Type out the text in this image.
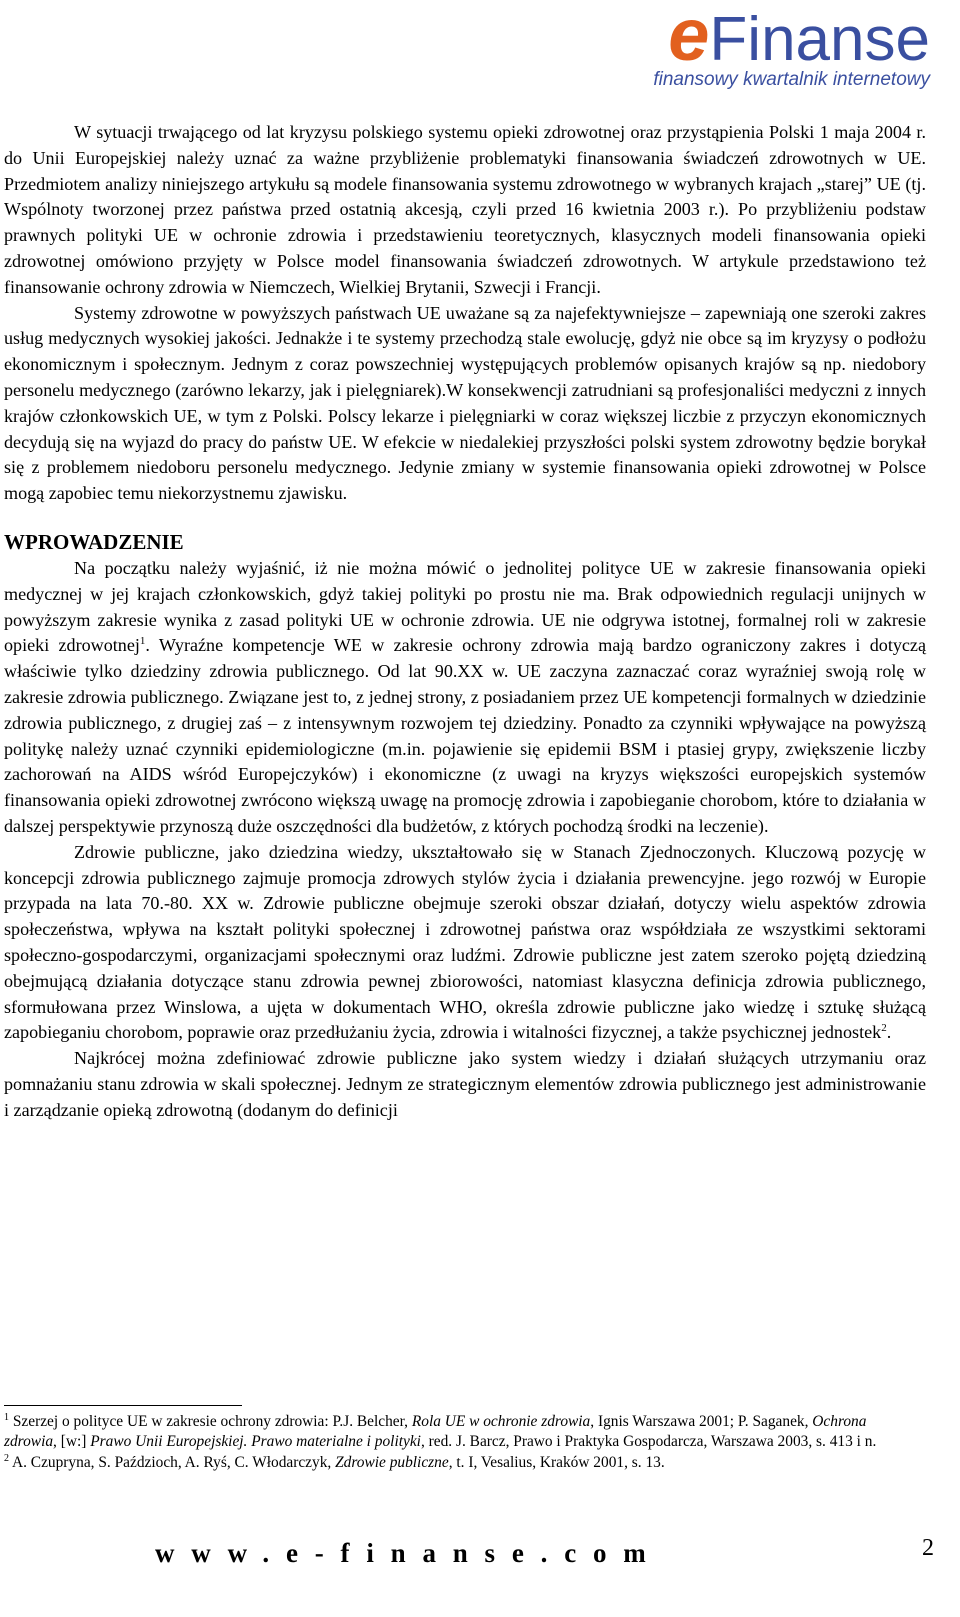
eFinanse
finansowy kwartalnik internetowy

W sytuacji trwającego od lat kryzysu polskiego systemu opieki zdrowotnej oraz przystąpienia Polski 1 maja 2004 r. do Unii Europejskiej należy uznać za ważne przybliżenie problematyki finansowania świadczeń zdrowotnych w UE. Przedmiotem analizy niniejszego artykułu są modele finansowania systemu zdrowotnego w wybranych krajach „starej” UE (tj. Wspólnoty tworzonej przez państwa przed ostatnią akcesją, czyli przed 16 kwietnia 2003 r.). Po przybliżeniu podstaw prawnych polityki UE w ochronie zdrowia i przedstawieniu teoretycznych, klasycznych modeli finansowania opieki zdrowotnej omówiono przyjęty w Polsce model finansowania świadczeń zdrowotnych. W artykule przedstawiono też finansowanie ochrony zdrowia w Niemczech, Wielkiej Brytanii, Szwecji i Francji.

Systemy zdrowotne w powyższych państwach UE uważane są za najefektywniejsze – zapewniają one szeroki zakres usług medycznych wysokiej jakości. Jednakże i te systemy przechodzą stale ewolucję, gdyż nie obce są im kryzysy o podłożu ekonomicznym i społecznym. Jednym z coraz powszechniej występujących problemów opisanych krajów są np. niedobory personelu medycznego (zarówno lekarzy, jak i pielęgniarek).W konsekwencji zatrudniani są profesjonaliści medyczni z innych krajów członkowskich UE, w tym z Polski. Polscy lekarze i pielęgniarki w coraz większej liczbie z przyczyn ekonomicznych decydują się na wyjazd do pracy do państw UE. W efekcie w niedalekiej przyszłości polski system zdrowotny będzie borykał się z problemem niedoboru personelu medycznego. Jedynie zmiany w systemie finansowania opieki zdrowotnej w Polsce mogą zapobiec temu niekorzystnemu zjawisku.

WPROWADZENIE

Na początku należy wyjaśnić, iż nie można mówić o jednolitej polityce UE w zakresie finansowania opieki medycznej w jej krajach członkowskich, gdyż takiej polityki po prostu nie ma. Brak odpowiednich regulacji unijnych w powyższym zakresie wynika z zasad polityki UE w ochronie zdrowia. UE nie odgrywa istotnej, formalnej roli w zakresie opieki zdrowotnej$^1$. Wyraźne kompetencje WE w zakresie ochrony zdrowia mają bardzo ograniczony zakres i dotyczą właściwie tylko dziedziny zdrowia publicznego. Od lat 90.XX w. UE zaczyna zaznaczać coraz wyraźniej swoją rolę w zakresie zdrowia publicznego. Związane jest to, z jednej strony, z posiadaniem przez UE kompetencji formalnych w dziedzinie zdrowia publicznego, z drugiej zaś – z intensywnym rozwojem tej dziedziny. Ponadto za czynniki wpływające na powyższą politykę należy uznać czynniki epidemiologiczne (m.in. pojawienie się epidemii BSM i ptasiej grypy, zwiększenie liczby zachorowań na AIDS wśród Europejczyków) i ekonomiczne (z uwagi na kryzys większości europejskich systemów finansowania opieki zdrowotnej zwrócono większą uwagę na promocję zdrowia i zapobieganie chorobom, które to działania w dalszej perspektywie przynoszą duże oszczędności dla budżetów, z których pochodzą środki na leczenie).

Zdrowie publiczne, jako dziedzina wiedzy, ukształtowało się w Stanach Zjednoczonych. Kluczową pozycję w koncepcji zdrowia publicznego zajmuje promocja zdrowych stylów życia i działania prewencyjne. jego rozwój w Europie przypada na lata 70.-80. XX w. Zdrowie publiczne obejmuje szeroki obszar działań, dotyczy wielu aspektów zdrowia społeczeństwa, wpływa na kształt polityki społecznej i zdrowotnej państwa oraz współdziała ze wszystkimi sektorami społeczno-gospodarczymi, organizacjami społecznymi oraz ludźmi. Zdrowie publiczne jest zatem szeroko pojętą dziedziną obejmującą działania dotyczące stanu zdrowia pewnej zbiorowości, natomiast klasyczna definicja zdrowia publicznego, sformułowana przez Winslowa, a ujęta w dokumentach WHO, określa zdrowie publiczne jako wiedzę i sztukę służącą zapobieganiu chorobom, poprawie oraz przedłużaniu życia, zdrowia i witalności fizycznej, a także psychicznej jednostek$^2$.

Najkrócej można zdefiniować zdrowie publiczne jako system wiedzy i działań służących utrzymaniu oraz pomnażaniu stanu zdrowia w skali społecznej. Jednym ze strategicznym elementów zdrowia publicznego jest administrowanie i zarządzanie opieką zdrowotną (dodanym do definicji

$^1$ Szerzej o polityce UE w zakresie ochrony zdrowia: P.J. Belcher, Rola UE w ochronie zdrowia, Ignis Warszawa 2001; P. Saganek, Ochrona zdrowia, [w:] Prawo Unii Europejskiej. Prawo materialne i polityki, red. J. Barcz, Prawo i Praktyka Gospodarcza, Warszawa 2003, s. 413 i n.

$^2$ A. Czupryna, S. Paździoch, A. Ryś, C. Włodarczyk, Zdrowie publiczne, t. I, Vesalius, Kraków 2001, s. 13.

www.e-finanse.com	2
